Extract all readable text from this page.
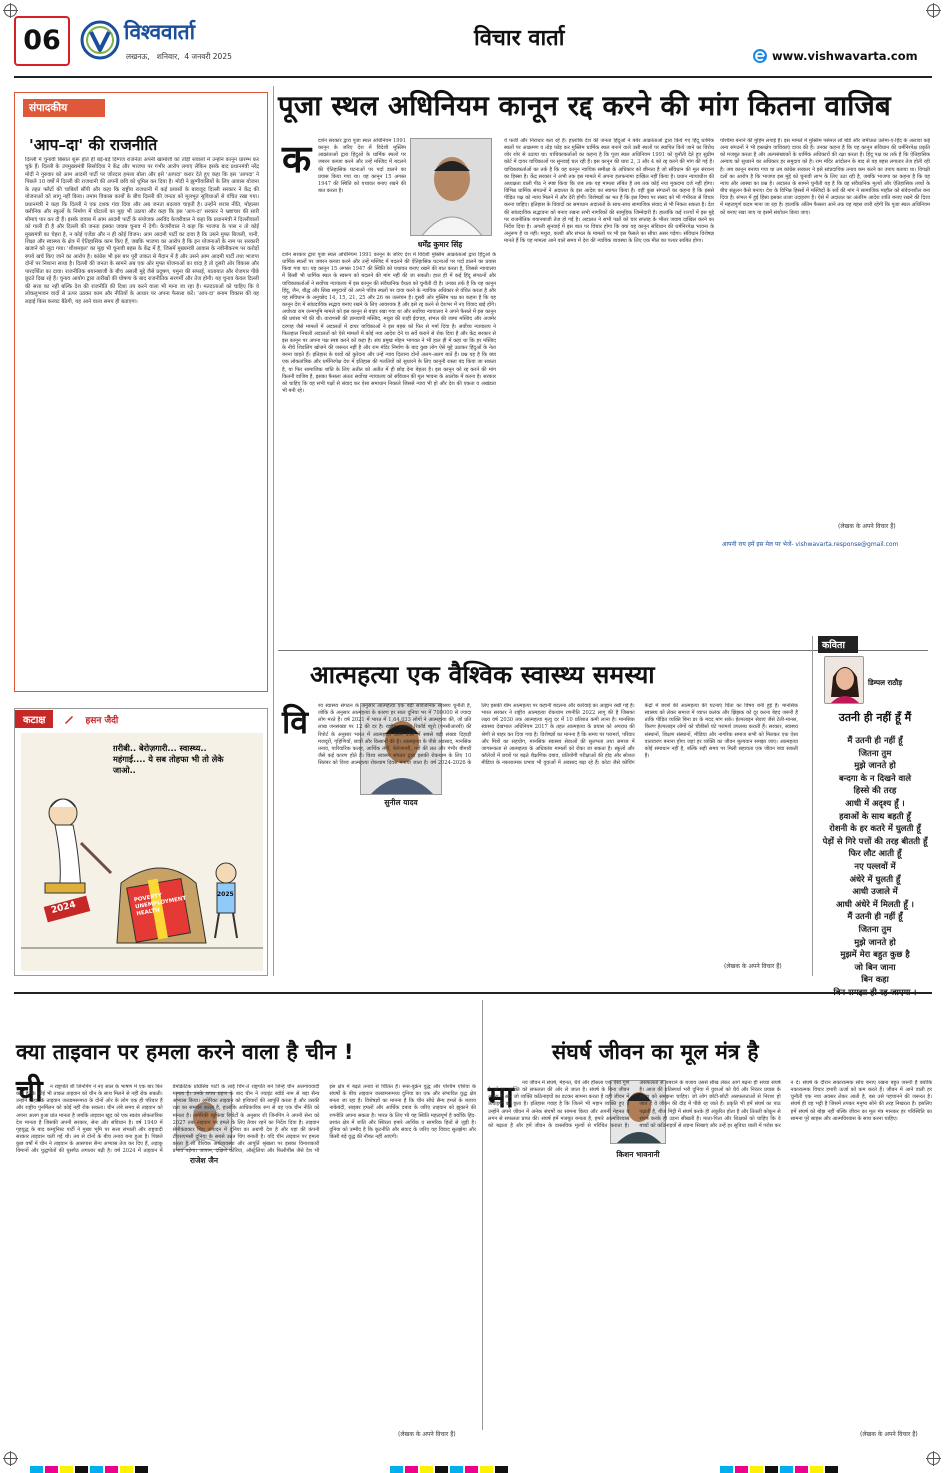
06	विश्ववार्ता
लखनऊ,   शनिवार,  4 जनवरी 2025
विचार वार्ता
www.vishwavarta.com
संपादकीय
'आप–दा' की राजनीति
दिल्ली में चुनावी बिसात शुरू होते ही बड़े-बड़े दिग्गज राजनेता अपनी खामोशी को तोड़ी सवालों में उन्होंने कानून प्रारम्भ कर चुके हैं। दिल्ली के उपमुख्यमंत्री सिसोदिया ने केंद्र और भाजपा पर गंभीर आरोप लगाए लेकिन इसके बाद प्रधानमंत्री नरेंद्र मोदी ने गुरुवार को आम आदमी पार्टी पर जोरदार हमला बोला और इसे 'आपदा' करार देते हुए कहा कि इस 'आपदा' ने पिछले 10 वर्षों में दिल्ली की राजधानी की अपनी छवि को धूमिल कर दिया है। मोदी ने झुग्गीवासियों के लिए आवास योजना के तहत फ्लैटों की चाबियाँ सौंपी और कहा कि राष्ट्रीय राजधानी में कई प्रयासों के बावजूद दिल्ली सरकार ने केंद्र की योजनाओं को लागू नहीं किया। तमाम विकास कार्यों के बीच दिल्ली की जनता को मूलभूत सुविधाओं से वंचित रखा गया। प्रधानमंत्री ने कहा कि दिल्ली ने एक दशक गंवा दिया और अब जनता बदलाव चाहती है। उन्होंने शराब नीति, मोहल्ला क्लीनिक और स्कूलों के निर्माण में घोटालों का मुद्दा भी उठाया और कहा कि इस 'आप-दा' सरकार ने भ्रष्टाचार की सारी सीमाएं पार कर दी हैं। इसके जवाब में आम आदमी पार्टी के संयोजक अरविंद केजरीवाल ने कहा कि प्रधानमंत्री ने दिल्लीवालों को गाली दी है और दिल्ली की जनता इसका जवाब चुनाव में देगी। केजरीवाल ने कहा कि भाजपा के पास न तो कोई मुख्यमंत्री का चेहरा है, न कोई एजेंडा और न ही कोई विजन। आम आदमी पार्टी का दावा है कि उसने मुफ्त बिजली, पानी, शिक्षा और स्वास्थ्य के क्षेत्र में ऐतिहासिक काम किए हैं, जबकि भाजपा का आरोप है कि इन योजनाओं के नाम पर सरकारी खजाने को लूटा गया। 'शीशमहल' का मुद्दा भी चुनावी बहस के केंद्र में है, जिसमें मुख्यमंत्री आवास के नवीनीकरण पर करोड़ों रुपये खर्च किए जाने का आरोप है। कांग्रेस भी इस बार पूरी ताकत से मैदान में है और उसने आम आदमी पार्टी तथा भाजपा दोनों पर निशाना साधा है। दिल्ली की जनता के सामने अब एक ओर मुफ्त योजनाओं का वादा है तो दूसरी ओर विकास और पारदर्शिता का दावा। राजनीतिक बयानबाजी के बीच असली मुद्दे जैसे प्रदूषण, यमुना की सफाई, यातायात और रोजगार पीछे छूटते दिख रहे हैं। चुनाव आयोग द्वारा तारीखों की घोषणा के बाद राजनीतिक सरगर्मी और तेज होगी। यह चुनाव केवल दिल्ली की सत्ता का नहीं बल्कि देश की राजनीति की दिशा तय करने वाला भी माना जा रहा है। मतदाताओं को चाहिए कि वे लोकलुभावन वादों से ऊपर उठकर काम और नीतियों के आधार पर अपना फैसला करें। 'आप-दा' बनाम विकास की यह लड़ाई किस करवट बैठेगी, यह आने वाला समय ही बताएगा।
कटाक्ष	हसन जैदी
ग़रीबी.. बेरोज़गारी... स्वास्थ्य.. महंगाई.... ये सब तोहफा भी तो लेके जाओ..
2024
2025
POVERTY UNEMPLOYMENT HEALTH
पूजा स्थल अधिनियम कानून रद्द करने की मांग कितना वाजिब
क
धर्मेंद्र कुमार सिंह
दर्शन सरकार द्वारा पूजा स्थल अधिनियम 1991 कानून के जरिए देश में विदेशी मुस्लिम आक्रांताओं द्वारा हिंदुओं के धार्मिक स्थलों पर जबरन कब्जा करने और उन्हें मस्जिद में बदलने की ऐतिहासिक घटनाओं पर पर्दा डालने का प्रयास किया गया था। यह कानून 15 अगस्त 1947 की स्थिति को यथावत बनाए रखने की बात करता है।
दर्शन सरकार द्वारा पूजा स्थल अधिनियम 1991 कानून के जरिए देश में विदेशी मुस्लिम आक्रांताओं द्वारा हिंदुओं के धार्मिक स्थलों पर जबरन कब्जा करने और उन्हें मस्जिद में बदलने की ऐतिहासिक घटनाओं पर पर्दा डालने का प्रयास किया गया था। यह कानून 15 अगस्त 1947 की स्थिति को यथावत बनाए रखने की बात करता है, जिससे न्यायालय में किसी भी धार्मिक स्थल के स्वरूप को बदलने की मांग नहीं की जा सकती। हाल ही में कई हिंदू संगठनों और याचिकाकर्ताओं ने सर्वोच्च न्यायालय में इस कानून की संवैधानिक वैधता को चुनौती दी है। उनका तर्क है कि यह कानून हिंदू, जैन, बौद्ध और सिख समुदायों को अपने पवित्र स्थलों पर दावा करने के न्यायिक अधिकार से वंचित करता है और यह संविधान के अनुच्छेद 14, 15, 21, 25 और 26 का उल्लंघन है। दूसरी ओर मुस्लिम पक्ष का कहना है कि यह कानून देश में सांप्रदायिक सद्भाव बनाए रखने के लिए आवश्यक है और इसे रद्द करने से देशभर में नए विवाद खड़े होंगे। अयोध्या राम जन्मभूमि मामले को इस कानून से बाहर रखा गया था और सर्वोच्च न्यायालय ने अपने फैसले में इस कानून की प्रशंसा भी की थी। वाराणसी की ज्ञानवापी मस्जिद, मथुरा की शाही ईदगाह, संभल की जामा मस्जिद और अजमेर दरगाह जैसे मामलों में अदालतों में दायर याचिकाओं ने इस बहस को फिर से गर्मा दिया है। सर्वोच्च न्यायालय ने फिलहाल निचली अदालतों को ऐसे मामलों में कोई नया आदेश देने या सर्वे कराने से रोक दिया है और केंद्र सरकार से इस कानून पर अपना पक्ष स्पष्ट करने को कहा है। संघ प्रमुख मोहन भागवत ने भी हाल ही में कहा था कि हर मस्जिद के नीचे शिवलिंग खोजने की जरूरत नहीं है और राम मंदिर निर्माण के बाद कुछ लोग ऐसे मुद्दे उठाकर हिंदुओं के नेता बनना चाहते हैं। इतिहास के घावों को कुरेदना और उन्हें न्याय दिलाना दोनों अलग-अलग बातें हैं। प्रश्न यह है कि क्या एक लोकतांत्रिक और धर्मनिरपेक्ष देश में इतिहास की गलतियों को सुधारने के लिए कानूनी रास्ता बंद किया जा सकता है, या फिर सामाजिक शांति के लिए अतीत को अतीत में ही छोड़ देना बेहतर है। इस कानून को रद्द करने की मांग कितनी वाजिब है, इसका फैसला अंततः सर्वोच्च न्यायालय को संविधान की मूल भावना के आलोक में करना है। सरकार को चाहिए कि वह सभी पक्षों से संवाद कर ऐसा समाधान निकाले जिससे न्याय भी हो और देश की एकता व अखंडता भी बनी रहे।
ये फर्जी और निराधार बता रहे हैं। हालांकि देश की जनता हिंदुओं ने बर्बर आक्रांताओं द्वारा किये गए हिंदू धार्मिक स्थलों पर आक्रमण व तोड़ फोड़ कर मुस्लिम धार्मिक स्थल बनाने वाले उसी स्थलों पर स्थापित किये जाने का विरोध जोर शोर से उठाया था। याचिकाकर्ताओं का कहना है कि पूजा स्थल अधिनियम 1991 को चुनौती देते हुए सुप्रीम कोर्ट में दायर याचिकाओं पर सुनवाई चल रही है। इस कानून की धारा 2, 3 और 4 को रद्द करने की मांग की गई है। याचिकाकर्ताओं का तर्क है कि यह कानून न्यायिक समीक्षा के अधिकार को छीनता है जो संविधान की मूल संरचना का हिस्सा है। केंद्र सरकार ने अभी तक इस मामले में अपना हलफनामा दाखिल नहीं किया है। प्रधान न्यायाधीश की अध्यक्षता वाली पीठ ने स्पष्ट किया कि जब तक यह मामला लंबित है तब तक कोई नया मुकदमा दर्ज नहीं होगा। विभिन्न धार्मिक संगठनों ने अदालत के इस आदेश का स्वागत किया है। वहीं कुछ संगठनों का कहना है कि इससे पीड़ित पक्ष को न्याय मिलने में और देरी होगी। विशेषज्ञों का मत है कि इस विषय पर संसद को भी गंभीरता से विचार करना चाहिए। इतिहास के विवादों का समाधान अदालतों के साथ-साथ सामाजिक संवाद से भी निकल सकता है। देश की सांप्रदायिक सद्भावना को बनाए रखना सभी नागरिकों की सामूहिक जिम्मेदारी है। हालांकि कई राज्यों में इस मुद्दे पर राजनीतिक बयानबाजी तेज हो गई है। अदालत ने सभी पक्षों को चार सप्ताह के भीतर जवाब दाखिल करने का निर्देश दिया है। अगली सुनवाई में इस बात पर विचार होगा कि क्या यह कानून संविधान की धर्मनिरपेक्ष भावना के अनुरूप है या नहीं। मथुरा, काशी और संभल के मामलों पर भी इस फैसले का सीधा असर पड़ेगा। संविधान विशेषज्ञ मानते हैं कि यह मामला आने वाले समय में देश की न्यायिक व्यवस्था के लिए एक मील का पत्थर साबित होगा।
पश्चिमा बनाने की मुहिम लगाई है। इस मामले में मुस्लिम पर्सनल लॉ बोर्ड और जमीअत उलेमा-ए-हिंद के अलावा कई अन्य संगठनों ने भी हस्तक्षेप याचिकाएं दायर की हैं। उनका कहना है कि यह कानून संविधान की धर्मनिरपेक्ष प्रकृति को मजबूत करता है और अल्पसंख्यकों के धार्मिक अधिकारों की रक्षा करता है। हिंदू पक्ष का तर्क है कि ऐतिहासिक अन्याय को सुधारने का अधिकार हर समुदाय को है। राम मंदिर आंदोलन के बाद से यह बहस लगातार तेज होती रही है। जब कानून बनाया गया था तब कांग्रेस सरकार ने इसे सांप्रदायिक तनाव कम करने का उपाय बताया था। विपक्षी दलों का आरोप है कि भाजपा इस मुद्दे को चुनावी लाभ के लिए उठा रही है, जबकि भाजपा का कहना है कि यह न्याय और आस्था का प्रश्न है। अदालत के सामने चुनौती यह है कि वह संवैधानिक मूल्यों और ऐतिहासिक तथ्यों के बीच संतुलन कैसे बनाए। देश के विभिन्न हिस्सों में मस्जिदों के सर्वे की मांग ने सामाजिक माहौल को संवेदनशील बना दिया है। संभल में हुई हिंसा इसका ताजा उदाहरण है। ऐसे में अदालत का अंतरिम आदेश शांति बनाए रखने की दिशा में महत्वपूर्ण कदम माना जा रहा है। हालांकि अंतिम फैसला आने तक यह बहस जारी रहेगी कि पूजा स्थल अधिनियम को बनाए रखा जाए या इसमें संशोधन किया जाए।
(लेखक के अपने विचार हैं)
आपनी राय हमें इस मेल पर भेजें- vishwavarta.response@gmail.com
आत्महत्या एक वैश्विक स्वास्थ्य समस्या
वि
सुनील यादव
श्व स्वास्थ्य संगठन के अनुसार आत्महत्या एक बड़ी सार्वजनिक स्वास्थ्य चुनौती है, जोकि के अनुसार आत्महत्या के कारण हर साल दुनिया भर में 700000 से ज्यादा लोग मरते हैं। वर्ष 2021 में भारत में 1,64,033 लोगों ने आत्महत्या की, जो प्रति लाख जनसंख्या पर 12 की दर है। राष्ट्रीय अपराध रिकॉर्ड ब्यूरो (एनसीआरबी) की रिपोर्ट के अनुसार भारत में आत्महत्या करने वालों में सबसे बड़ी संख्या दिहाड़ी मजदूरों, गृहिणियों, छात्रों और किसानों की है। आत्महत्या के पीछे अवसाद, मानसिक तनाव, पारिवारिक कलह, आर्थिक तंगी, बेरोजगारी, नशे की लत और गंभीर बीमारी जैसे कई कारण होते हैं। विश्व स्वास्थ्य संगठन द्वारा इसकी रोकथाम के लिए 10 सितंबर को विश्व आत्महत्या रोकथाम दिवस मनाया जाता है। वर्ष 2024-2026 के लिए इसकी थीम आत्महत्या पर कहानी बदलना और कार्रवाई का आह्वान रखी गई है। भारत सरकार ने राष्ट्रीय आत्महत्या रोकथाम रणनीति 2022 लागू की है जिसका लक्ष्य वर्ष 2030 तक आत्महत्या मृत्यु दर में 10 प्रतिशत कमी लाना है। मानसिक स्वास्थ्य देखभाल अधिनियम 2017 के तहत आत्महत्या के प्रयास को अपराध की श्रेणी से बाहर कर दिया गया है। विशेषज्ञों का मानना है कि समय पर परामर्श, परिवार और मित्रों का सहयोग, मानसिक स्वास्थ्य सेवाओं की सुलभता तथा समाज में जागरूकता से आत्महत्या के अधिकांश मामलों को रोका जा सकता है। स्कूलों और कॉलेजों में छात्रों पर बढ़ते शैक्षणिक दबाव, प्रतियोगी परीक्षाओं की होड़ और सोशल मीडिया के नकारात्मक प्रभाव भी युवाओं में अवसाद बढ़ा रहे हैं। कोटा जैसे कोचिंग केंद्रों में छात्रों की आत्महत्या की घटनाएं चिंता का विषय बनी हुई हैं। मानसिक स्वास्थ्य को लेकर समाज में व्याप्त कलंक और झिझक को दूर करना बेहद जरूरी है ताकि पीड़ित व्यक्ति बिना डर के मदद मांग सके। हेल्पलाइन सेवाएं जैसे टेली-मानस, किरण हेल्पलाइन लोगों को चौबीसों घंटे परामर्श उपलब्ध कराती हैं। सरकार, स्वास्थ्य संस्थानों, शिक्षण संस्थानों, मीडिया और नागरिक समाज सभी को मिलकर एक ऐसा वातावरण बनाना होगा जहां हर व्यक्ति का जीवन मूल्यवान समझा जाए। आत्महत्या कोई समाधान नहीं है, बल्कि सही समय पर मिली सहायता एक जीवन बचा सकती है।
(लेखक के अपने विचार हैं)
कविता
डिम्पल राठौड़
उतनी ही नहीं हूँ मैं
मैं उतनी ही नहीं हूँ
जितना तुम
मुझे जानते हो
बन्दगा के न दिखने वाले
हिस्से की तरह
आधी में अदृश्य हूँ ।
हवाओं के साथ बहती हूँ
रोशनी के हर कतरे में घुलती हूँ
पेड़ों से गिरे पत्तों की तरह बीतती हूँ
फिर लौट आती हूँ
नए पल्लवों में
अंधेरे में घुलती हूँ
आधी उजाले में
आधी अंधेरे में मिलती हूँ ।
मैं उतनी ही नहीं हूँ
जितना तुम
मुझे जानते हो
मुझमें मेरा बहुत कुछ है
जो बिन जाना
बिन कहा
क्या ताइवान पर हमला करने वाला है चीन !
ची
राजेश जैन
न राष्ट्रपति शी जिनपिंग ने नए साल के भाषण में एक बार फिर कहा है कि कोई भी ताकत ताइवान को चीन के साथ मिलने से नहीं रोक सकती। उन्होंने कहा कि ताइवान जलडमरूमध्य के दोनों ओर के लोग एक ही परिवार हैं और राष्ट्रीय पुनर्मिलन को कोई नहीं रोक सकता। चीन लंबे समय से ताइवान को अपना अलग हुआ प्रांत मानता है जबकि ताइवान खुद को एक स्वतंत्र लोकतांत्रिक देश मानता है जिसकी अपनी सरकार, सेना और संविधान है। वर्ष 1949 में गृहयुद्ध के बाद कम्युनिस्ट पार्टी ने मुख्य भूमि पर सत्ता संभाली और राष्ट्रवादी सरकार ताइवान चली गई थी। तब से दोनों के बीच तनाव बना हुआ है। पिछले कुछ वर्षों में चीन ने ताइवान के आसपास सैन्य अभ्यास तेज कर दिए हैं, लड़ाकू विमानों और युद्धपोतों की घुसपैठ लगातार बढ़ी है। वर्ष 2024 में ताइवान में डेमोक्रेटिक प्रोग्रेसिव पार्टी के लाई चिंग-ते राष्ट्रपति बने जिन्हें चीन अलगाववादी मानता है। उनके शपथ ग्रहण के बाद चीन ने ज्वाइंट स्वॉर्ड नाम से बड़ा सैन्य अभ्यास किया। अमेरिका ताइवान को हथियारों की आपूर्ति करता है और उसकी रक्षा का समर्थन करता है, हालांकि आधिकारिक रूप से वह एक चीन नीति को मानता है। अमेरिकी खुफिया रिपोर्टों के अनुसार शी जिनपिंग ने अपनी सेना को 2027 तक ताइवान पर हमले के लिए तैयार रहने का निर्देश दिया है। ताइवान सेमीकंडक्टर चिप उत्पादन में दुनिया का अग्रणी देश है और यहां की कंपनी टीएसएमसी दुनिया के सबसे उन्नत चिप बनाती है। यदि चीन ताइवान पर हमला करता है तो वैश्विक अर्थव्यवस्था और आपूर्ति श्रृंखला पर इसका विनाशकारी प्रभाव पड़ेगा। जापान, दक्षिण कोरिया, ऑस्ट्रेलिया और फिलीपींस जैसे देश भी इस क्षेत्र में बढ़ते तनाव से चिंतित हैं। रूस-यूक्रेन युद्ध और पश्चिम एशिया के संघर्षों के बीच ताइवान जलडमरूमध्य दुनिया का एक और संभावित युद्ध क्षेत्र बनता जा रहा है। विशेषज्ञों का मानना है कि चीन सीधे सैन्य हमले के बजाय नाकेबंदी, साइबर हमलों और आर्थिक दबाव के जरिए ताइवान को झुकाने की रणनीति अपना सकता है। भारत के लिए भी यह स्थिति महत्वपूर्ण है क्योंकि हिंद-प्रशांत क्षेत्र में शांति और स्थिरता हमारे आर्थिक व सामरिक हितों से जुड़ी है। दुनिया को उम्मीद है कि कूटनीति और संवाद के जरिए यह विवाद सुलझेगा और किसी बड़े युद्ध की नौबत नहीं आएगी।
(लेखक के अपने विचार हैं)
संघर्ष जीवन का मूल मंत्र है
मा
किशन भावनानी
नव जीवन में संघर्ष, मेहनत, धैर्य और हौसला एक ऐसा गुण है जो हर व्यक्ति को सफलता की ओर ले जाता है। संघर्ष के बिना जीवन अधूरा है और जो व्यक्ति कठिनाइयों का डटकर सामना करता है वही जीवन में ऊंचाइयों को छूता है। इतिहास गवाह है कि जितने भी महान व्यक्ति हुए हैं उन्होंने अपने जीवन में अनेक संघर्षों का सामना किया और अपनी मेहनत व लगन से सफलता प्राप्त की। संघर्ष हमें मजबूत बनाता है, हमारे आत्मविश्वास को बढ़ाता है और हमें जीवन के वास्तविक मूल्यों से परिचित कराता है। असफलता से घबराने के बजाय उससे सीख लेकर आगे बढ़ना ही सच्चा संघर्ष है। आज की प्रतिस्पर्धा भरी दुनिया में युवाओं को धैर्य और निरंतर प्रयास के महत्व को समझना चाहिए। जो लोग छोटी-छोटी असफलताओं से निराश हो जाते हैं वे जीवन की दौड़ में पीछे रह जाते हैं। प्रकृति भी हमें संघर्ष का पाठ पढ़ाती है, बीज मिट्टी में संघर्ष करके ही अंकुरित होता है और तितली कोकून से संघर्ष करके ही उड़ना सीखती है। माता-पिता और शिक्षकों को चाहिए कि वे बच्चों को कठिनाइयों से लड़ना सिखाएं और उन्हें हर सुविधा थाली में परोस कर न दें। संघर्ष के दौरान सकारात्मक सोच बनाए रखना बहुत जरूरी है क्योंकि नकारात्मक विचार हमारी ऊर्जा को कम करते हैं। जीवन में आने वाली हर चुनौती एक नया अवसर लेकर आती है, बस उसे पहचानने की जरूरत है। संघर्ष ही वह भट्टी है जिसमें तपकर मनुष्य सोने की तरह निखरता है। इसलिए हमें संघर्ष को बोझ नहीं बल्कि जीवन का मूल मंत्र मानकर हर परिस्थिति का सामना पूरे साहस और आत्मविश्वास के साथ करना चाहिए।
(लेखक के अपने विचार हैं)
